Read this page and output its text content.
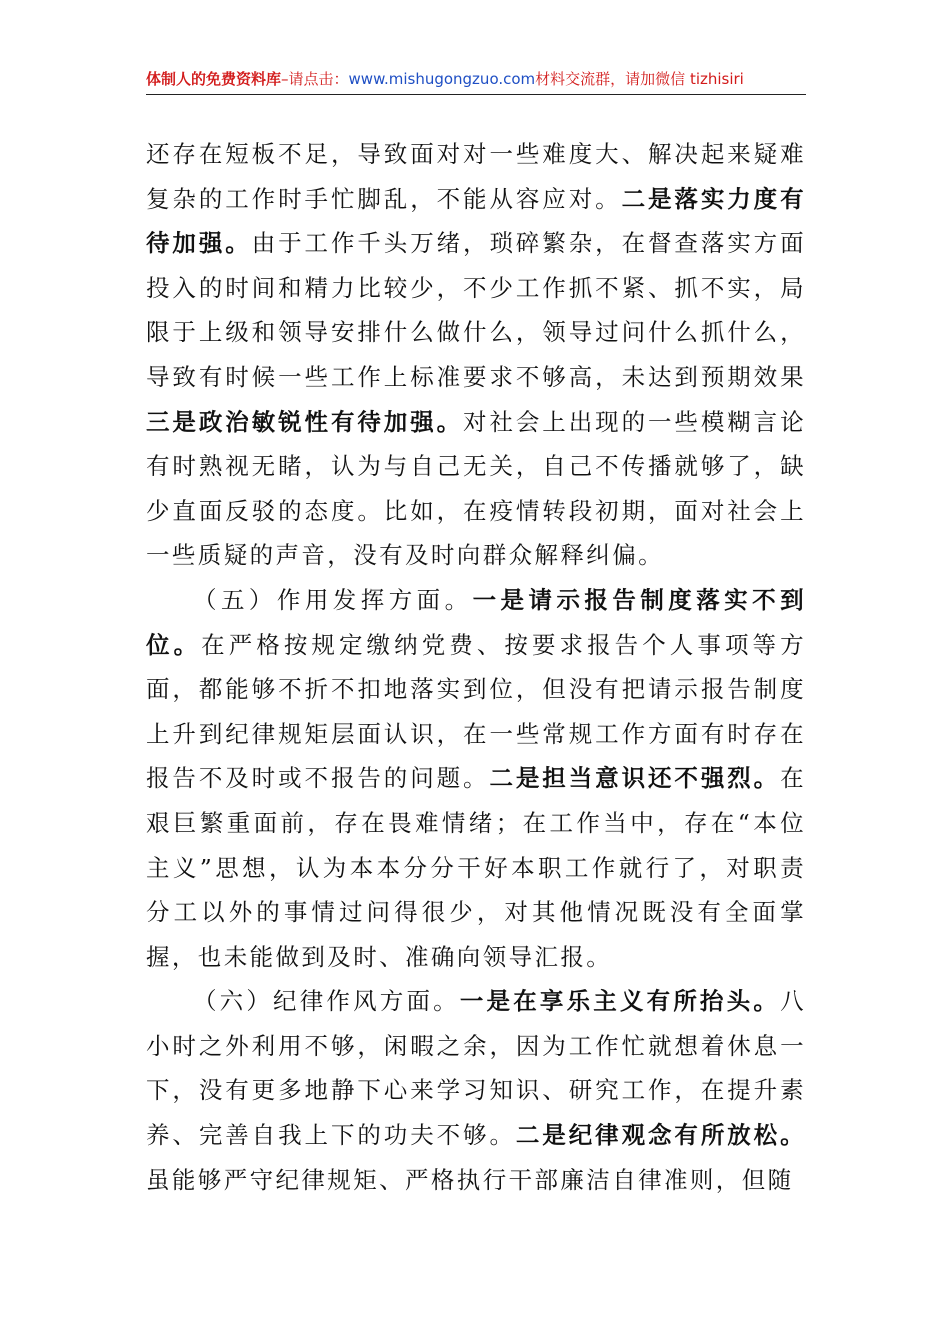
体制人的免费资料库–请点击：www.mishugongzuo.com材料交流群，请加微信 tizhisiri

还存在短板不足，导致面对对一些难度大、解决起来疑难复杂的工作时手忙脚乱，不能从容应对。二是落实力度有待加强。由于工作千头万绪，琐碎繁杂，在督查落实方面投入的时间和精力比较少，不少工作抓不紧、抓不实，局限于上级和领导安排什么做什么，领导过问什么抓什么，导致有时候一些工作上标准要求不够高，未达到预期效果三是政治敏锐性有待加强。对社会上出现的一些模糊言论有时熟视无睹，认为与自己无关，自己不传播就够了，缺少直面反驳的态度。比如，在疫情转段初期，面对社会上一些质疑的声音，没有及时向群众解释纠偏。

（五）作用发挥方面。一是请示报告制度落实不到位。在严格按规定缴纳党费、按要求报告个人事项等方面，都能够不折不扣地落实到位，但没有把请示报告制度上升到纪律规矩层面认识，在一些常规工作方面有时存在报告不及时或不报告的问题。二是担当意识还不强烈。在艰巨繁重面前，存在畏难情绪；在工作当中，存在“本位主义”思想，认为本本分分干好本职工作就行了，对职责分工以外的事情过问得很少，对其他情况既没有全面掌握，也未能做到及时、准确向领导汇报。

（六）纪律作风方面。一是在享乐主义有所抬头。八小时之外利用不够，闲暇之余，因为工作忙就想着休息一下，没有更多地静下心来学习知识、研究工作，在提升素养、完善自我上下的功夫不够。二是纪律观念有所放松。虽能够严守纪律规矩、严格执行干部廉洁自律准则，但随
